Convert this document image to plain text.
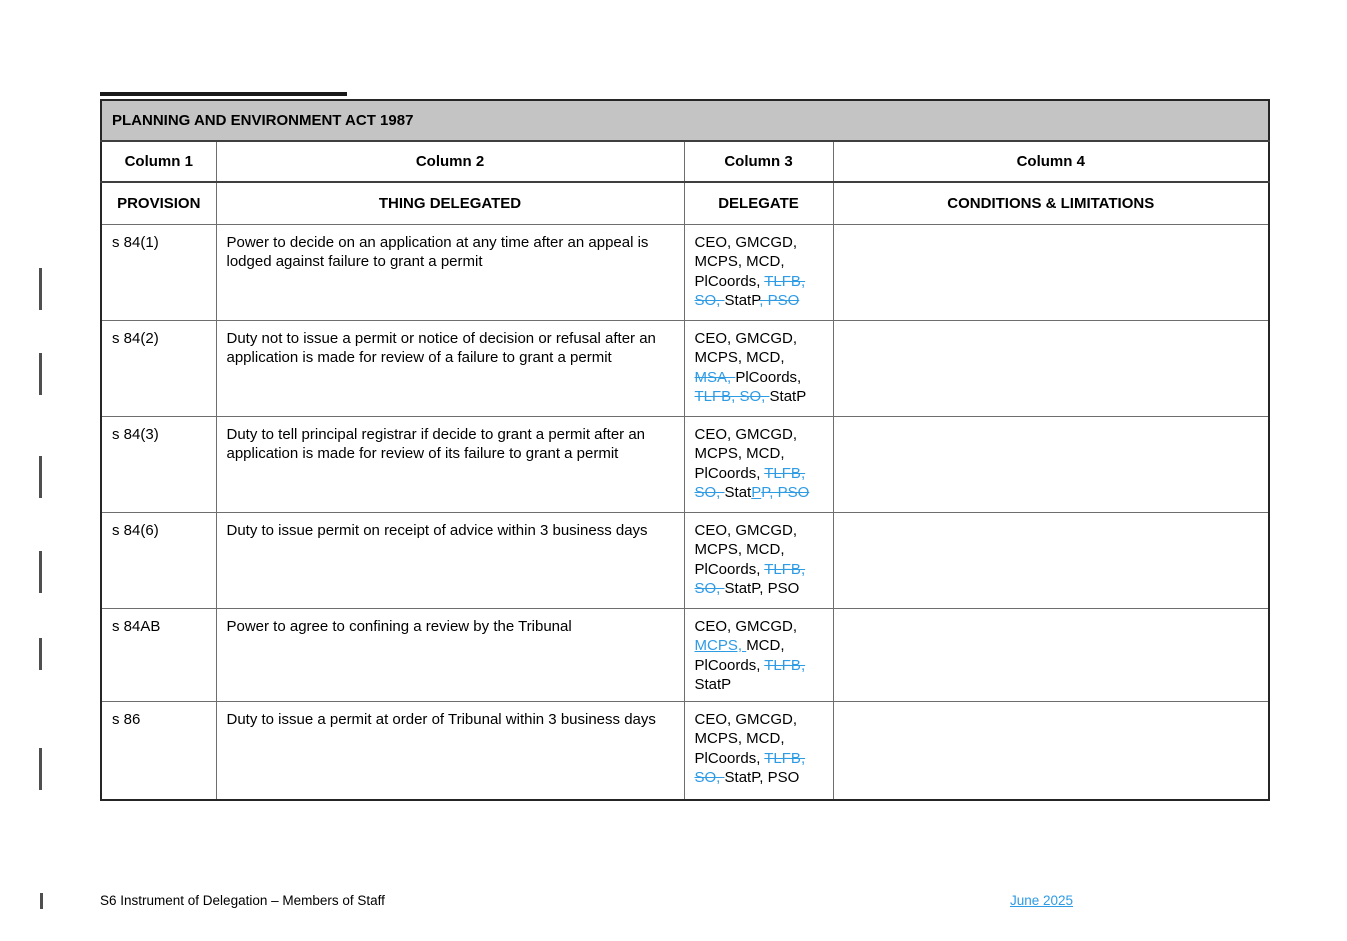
PLANNING AND ENVIRONMENT ACT 1987			
Column 1	Column 2	Column 3	Column 4
PROVISION	THING DELEGATED	DELEGATE	CONDITIONS & LIMITATIONS
s 84(1)	Power to decide on an application at any time after an appeal is lodged against failure to grant a permit	CEO, GMCGD,
MCPS, MCD,
PlCoords, TLFB,
SO, StatP, PSO	

s 84(2)	Duty not to issue a permit or notice of decision or refusal after an application is made for review of a failure to grant a permit	CEO, GMCGD,
MCPS, MCD,
MSA, PlCoords,
TLFB, SO, StatP	

s 84(3)	Duty to tell principal registrar if decide to grant a permit after an application is made for review of its failure to grant a permit	CEO, GMCGD,
MCPS, MCD,
PlCoords, TLFB,
SO, StatPP, PSO	

s 84(6)	Duty to issue permit on receipt of advice within 3 business days	CEO, GMCGD,
MCPS, MCD,
PlCoords, TLFB,
SO, StatP, PSO	

s 84AB	Power to agree to confining a review by the Tribunal	CEO, GMCGD,
MCPS, MCD,
PlCoords, TLFB,
StatP	

s 86	Duty to issue a permit at order of Tribunal within 3 business days	CEO, GMCGD,
MCPS, MCD,
PlCoords, TLFB,
SO, StatP, PSO	

S6 Instrument of Delegation – Members of Staff	June 2025
